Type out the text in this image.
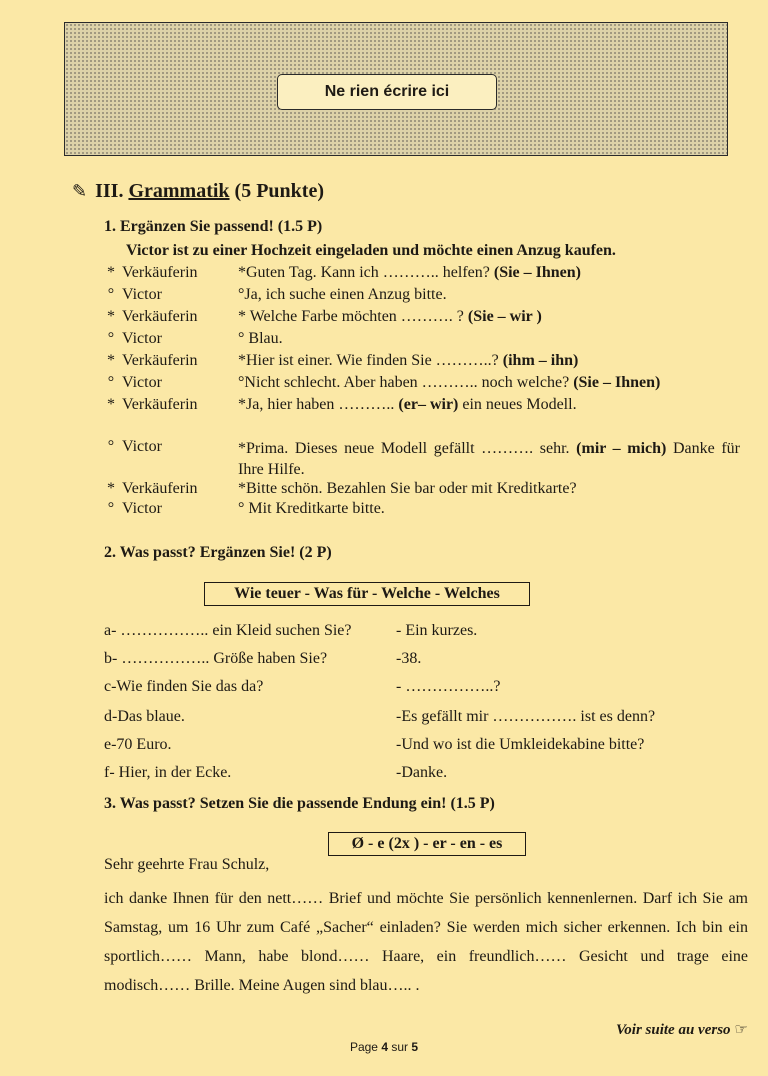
Ne rien écrire ici
✎ III. Grammatik (5 Punkte)
1. Ergänzen Sie passend! (1.5 P)
Victor ist zu einer Hochzeit eingeladen und möchte einen Anzug kaufen.
* Verkäuferin	*Guten Tag. Kann ich ……….. helfen? (Sie – Ihnen)
° Victor	°Ja, ich suche einen Anzug bitte.
* Verkäuferin	* Welche Farbe möchten ………. ? (Sie – wir )
° Victor	° Blau.
* Verkäuferin	*Hier ist einer. Wie finden Sie ………..? (ihm – ihn)
° Victor	°Nicht schlecht. Aber haben ……….. noch welche? (Sie – Ihnen)
* Verkäuferin	*Ja, hier haben ……….. (er– wir) ein neues Modell.
° Victor	*Prima. Dieses neue Modell gefällt ………. sehr. (mir – mich) Danke für Ihre Hilfe.
* Verkäuferin	*Bitte schön. Bezahlen Sie bar oder mit Kreditkarte?
° Victor	° Mit Kreditkarte bitte.
2. Was passt? Ergänzen Sie! (2 P)
Wie teuer - Was für - Welche - Welches
a- …………….. ein Kleid suchen Sie?	- Ein kurzes.
b- …………….. Größe haben Sie?	-38.
c-Wie finden Sie das da?	- ……………..?
d-Das blaue.	-Es gefällt mir ……………. ist es denn?
e-70 Euro.	-Und wo ist die Umkleidekabine bitte?
f- Hier, in der Ecke.	-Danke.
3. Was passt? Setzen Sie die passende Endung ein! (1.5 P)
Ø - e (2x ) - er - en - es
Sehr geehrte Frau Schulz,

ich danke Ihnen für den nett…… Brief und möchte Sie persönlich kennenlernen. Darf ich Sie am Samstag, um 16 Uhr zum Café „Sacher“ einladen? Sie werden mich sicher erkennen. Ich bin ein sportlich…… Mann, habe blond…… Haare, ein freundlich…… Gesicht und trage eine modisch…… Brille. Meine Augen sind blau….. .

Voir suite au verso ☞
Page 4 sur 5
